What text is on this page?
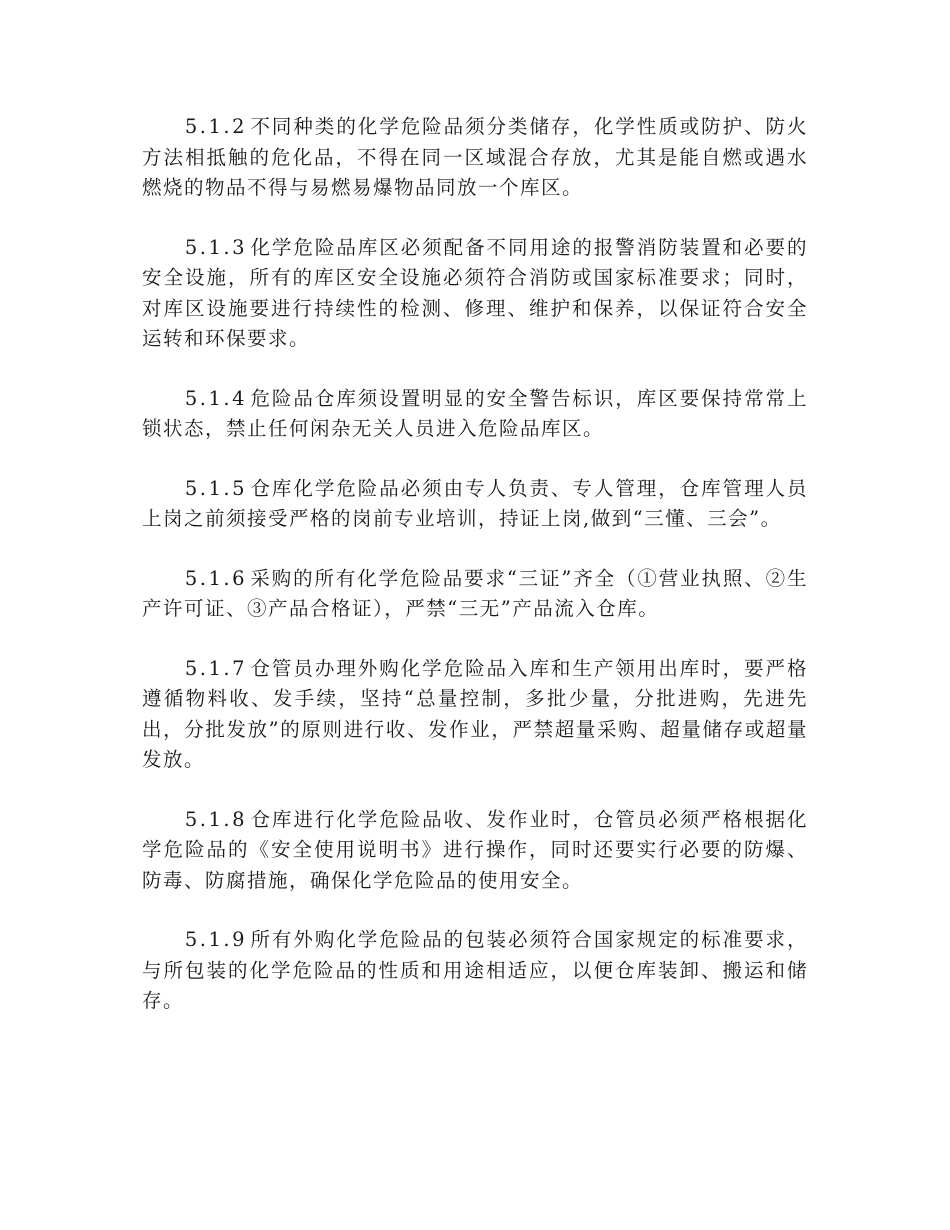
5.1.2 不同种类的化学危险品须分类储存，化学性质或防护、防火方法相抵触的危化品，不得在同一区域混合存放，尤其是能自燃或遇水燃烧的物品不得与易燃易爆物品同放一个库区。

5.1.3 化学危险品库区必须配备不同用途的报警消防装置和必要的安全设施，所有的库区安全设施必须符合消防或国家标准要求；同时，对库区设施要进行持续性的检测、修理、维护和保养，以保证符合安全运转和环保要求。

5.1.4 危险品仓库须设置明显的安全警告标识，库区要保持常常上锁状态，禁止任何闲杂无关人员进入危险品库区。

5.1.5 仓库化学危险品必须由专人负责、专人管理，仓库管理人员上岗之前须接受严格的岗前专业培训，持证上岗,做到“三懂、三会”。

5.1.6 采购的所有化学危险品要求“三证”齐全（①营业执照、②生产许可证、③产品合格证），严禁“三无”产品流入仓库。

5.1.7 仓管员办理外购化学危险品入库和生产领用出库时，要严格遵循物料收、发手续，坚持“总量控制，多批少量，分批进购，先进先出，分批发放”的原则进行收、发作业，严禁超量采购、超量储存或超量发放。

5.1.8 仓库进行化学危险品收、发作业时，仓管员必须严格根据化学危险品的《安全使用说明书》进行操作，同时还要实行必要的防爆、防毒、防腐措施，确保化学危险品的使用安全。

5.1.9 所有外购化学危险品的包装必须符合国家规定的标准要求，与所包装的化学危险品的性质和用途相适应，以便仓库装卸、搬运和储存。
